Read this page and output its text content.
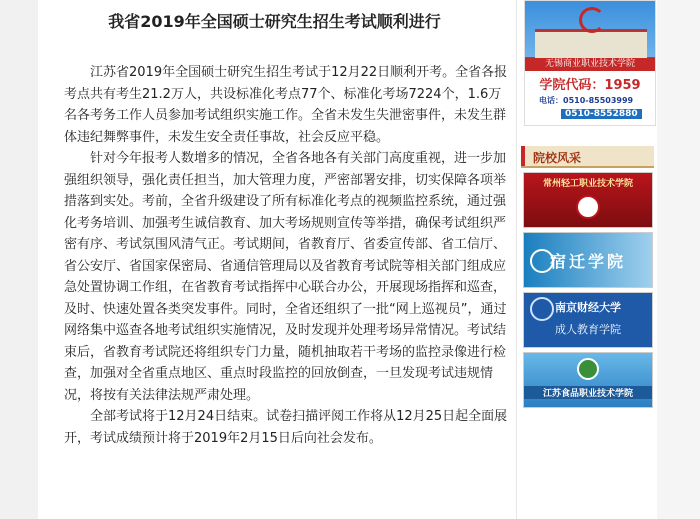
我省2019年全国硕士研究生招生考试顺利进行

江苏省2019年全国硕士研究生招生考试于12月22日顺利开考。全省各报考点共有考生21.2万人，共设标准化考点77个、标准化考场7224个，1.6万名各考务工作人员参加考试组织实施工作。全省未发生失泄密事件，未发生群体违纪舞弊事件，未发生安全责任事故，社会反应平稳。

针对今年报考人数增多的情况，全省各地各有关部门高度重视，进一步加强组织领导，强化责任担当，加大管理力度，严密部署安排，切实保障各项举措落到实处。考前，全省升级建设了所有标准化考点的视频监控系统，通过强化考务培训、加强考生诚信教育、加大考场规则宣传等举措，确保考试组织严密有序、考试氛围风清气正。考试期间，省教育厅、省委宣传部、省工信厅、省公安厅、省国家保密局、省通信管理局以及省教育考试院等相关部门组成应急处置协调工作组，在省教育考试指挥中心联合办公，开展现场指挥和巡查，及时、快速处置各类突发事件。同时，全省还组织了一批“网上巡视员”，通过网络集中巡查各地考试组织实施情况，及时发现并处理考场异常情况。考试结束后，省教育考试院还将组织专门力量，随机抽取若干考场的监控录像进行检查，加强对全省重点地区、重点时段监控的回放倒查，一旦发现考试违规情况，将按有关法律法规严肃处理。

全部考试将于12月24日结束。试卷扫描评阅工作将从12月25日起全面展开，考试成绩预计将于2019年2月15日后向社会发布。

无锡商业职业技术学院
学院代码：1959
电话：0510-85503999
0510-8552880
院校风采
常州轻工职业技术学院
宿迁学院
南京财经大学
成人教育学院
江苏食品职业技术学院
